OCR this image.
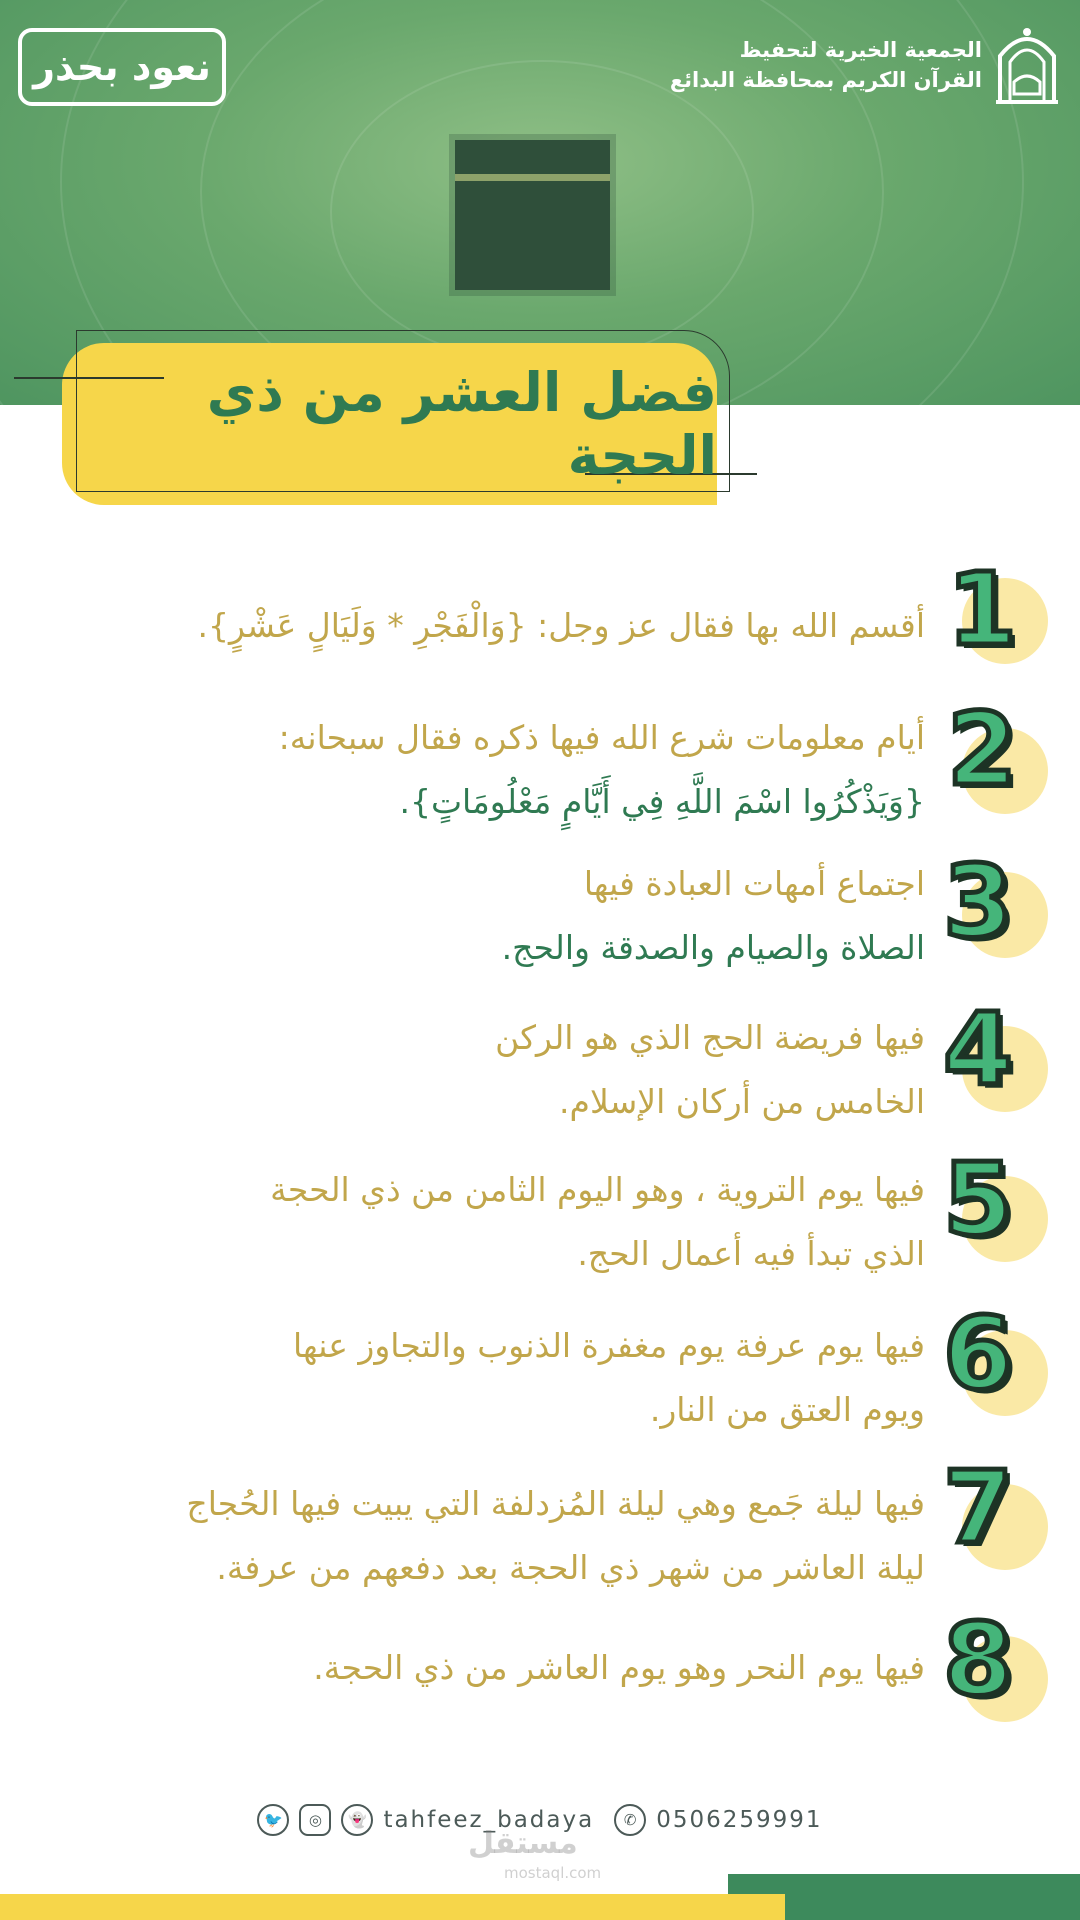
نعود بحذر	الجمعية الخيرية لتحفيظ
القرآن الكريم بمحافظة البدائع
فضل العشر من ذي الحجة
1
أقسم الله بها فقال عز وجل: {وَالْفَجْرِ * وَلَيَالٍ عَشْرٍ}.
2
أيام معلومات شرع الله فيها ذكره فقال سبحانه:
{وَيَذْكُرُوا اسْمَ اللَّهِ فِي أَيَّامٍ مَعْلُومَاتٍ}.
3
اجتماع أمهات العبادة فيها
الصلاة والصيام والصدقة والحج.
4
فيها فريضة الحج الذي هو الركن
الخامس من أركان الإسلام.
5
فيها يوم التروية ، وهو اليوم الثامن من ذي الحجة
الذي تبدأ فيه أعمال الحج.
6
فيها يوم عرفة يوم مغفرة الذنوب والتجاوز عنها
ويوم العتق من النار.
7
فيها ليلة جَمع وهي ليلة المُزدلفة التي يبيت فيها الحُجاج
ليلة العاشر من شهر ذي الحجة بعد دفعهم من عرفة.
8
فيها يوم النحر وهو يوم العاشر من ذي الحجة.
🐦	◎	👻 tahfeez_badaya	✆ 0506259991
مستقل
mostaql.com
